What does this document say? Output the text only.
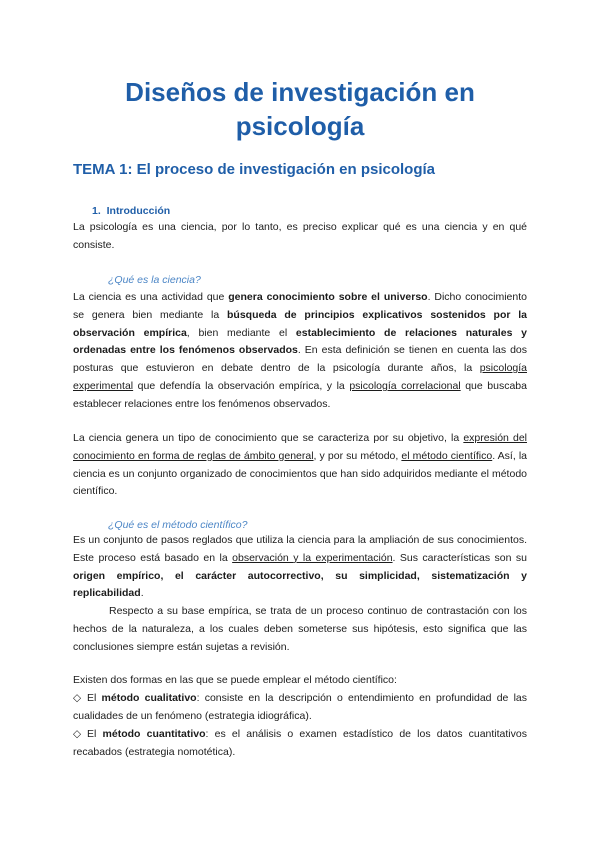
Diseños de investigación en
psicología
TEMA 1: El proceso de investigación en psicología
1. Introducción
La psicología es una ciencia, por lo tanto, es preciso explicar qué es una ciencia y en qué consiste.
¿Qué es la ciencia?
La ciencia es una actividad que genera conocimiento sobre el universo. Dicho conocimiento se genera bien mediante la búsqueda de principios explicativos sostenidos por la observación empírica, bien mediante el establecimiento de relaciones naturales y ordenadas entre los fenómenos observados. En esta definición se tienen en cuenta las dos posturas que estuvieron en debate dentro de la psicología durante años, la psicología experimental que defendía la observación empírica, y la psicología correlacional que buscaba establecer relaciones entre los fenómenos observados.
La ciencia genera un tipo de conocimiento que se caracteriza por su objetivo, la expresión del conocimiento en forma de reglas de ámbito general, y por su método, el método científico. Así, la ciencia es un conjunto organizado de conocimientos que han sido adquiridos mediante el método científico.
¿Qué es el método científico?
Es un conjunto de pasos reglados que utiliza la ciencia para la ampliación de sus conocimientos. Este proceso está basado en la observación y la experimentación. Sus características son su origen empírico, el carácter autocorrectivo, su simplicidad, sistematización y replicabilidad.
Respecto a su base empírica, se trata de un proceso continuo de contrastación con los hechos de la naturaleza, a los cuales deben someterse sus hipótesis, esto significa que las conclusiones siempre están sujetas a revisión.
Existen dos formas en las que se puede emplear el método científico:
◇ El método cualitativo: consiste en la descripción o entendimiento en profundidad de las cualidades de un fenómeno (estrategia idiográfica).
◇ El método cuantitativo: es el análisis o examen estadístico de los datos cuantitativos recabados (estrategia nomotética).
